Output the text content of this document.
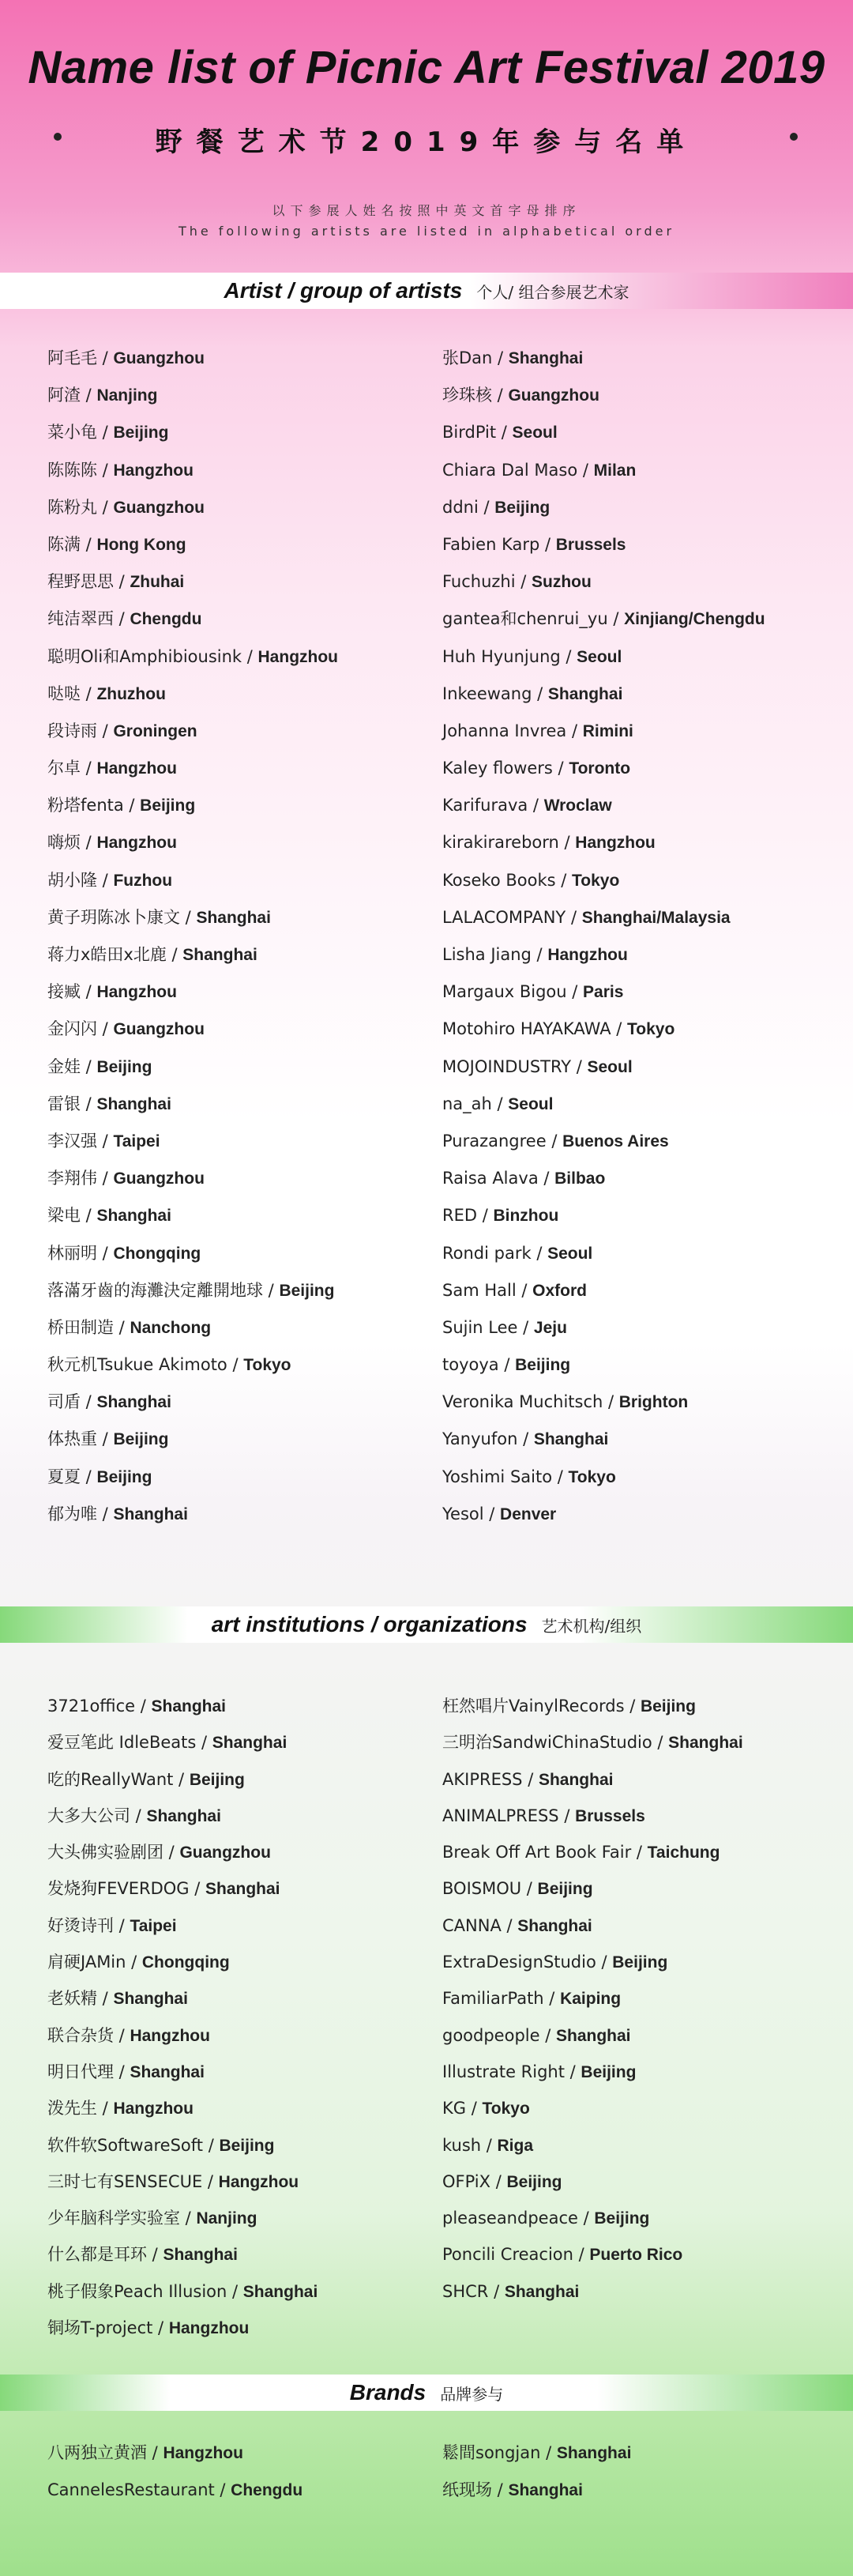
Name list of Picnic Art Festival 2019
野餐艺术节2019年参与名单
以下参展人姓名按照中英文首字母排序
The following artists are listed in alphabetical order
Artist / group of artists 个人/ 组合参展艺术家
阿毛毛 / Guangzhou
阿渣 / Nanjing
菜小龟 / Beijing
陈陈陈 / Hangzhou
陈粉丸 / Guangzhou
陈满 / Hong Kong
程野思思 / Zhuhai
纯洁翠西 / Chengdu
聪明Oli和Amphibiousink / Hangzhou
哒哒 / Zhuzhou
段诗雨 / Groningen
尔卓 / Hangzhou
粉塔fenta / Beijing
嗨烦 / Hangzhou
胡小隆 / Fuzhou
黄子玥陈冰卜康文 / Shanghai
蒋力x皓田x北鹿 / Shanghai
接臧 / Hangzhou
金闪闪 / Guangzhou
金娃 / Beijing
雷银 / Shanghai
李汉强 / Taipei
李翔伟 / Guangzhou
梁电 / Shanghai
林丽明 / Chongqing
落滿牙齒的海灘決定離開地球 / Beijing
桥田制造 / Nanchong
秋元机Tsukue Akimoto / Tokyo
司盾 / Shanghai
体热重 / Beijing
夏夏 / Beijing
郁为唯 / Shanghai
张Dan / Shanghai
珍珠核 / Guangzhou
BirdPit / Seoul
Chiara Dal Maso / Milan
ddni / Beijing
Fabien Karp / Brussels
Fuchuzhi / Suzhou
gantea和chenrui_yu / Xinjiang/Chengdu
Huh Hyunjung / Seoul
Inkeewang / Shanghai
Johanna Invrea / Rimini
Kaley flowers / Toronto
Karifurava / Wroclaw
kirakirareborn / Hangzhou
Koseko Books / Tokyo
LALACOMPANY / Shanghai/Malaysia
Lisha Jiang / Hangzhou
Margaux Bigou / Paris
Motohiro HAYAKAWA / Tokyo
MOJOINDUSTRY / Seoul
na_ah / Seoul
Purazangree / Buenos Aires
Raisa Alava / Bilbao
RED / Binzhou
Rondi park / Seoul
Sam Hall / Oxford
Sujin Lee / Jeju
toyoya / Beijing
Veronika Muchitsch / Brighton
Yanyufon / Shanghai
Yoshimi Saito / Tokyo
Yesol / Denver
art institutions / organizations 艺术机构/组织
3721office / Shanghai
爱豆笔此 IdleBeats / Shanghai
吃的ReallyWant / Beijing
大多大公司 / Shanghai
大头佛实验剧团 / Guangzhou
发烧狗FEVERDOG / Shanghai
好烫诗刊 / Taipei
肩硬JAMin / Chongqing
老妖精 / Shanghai
联合杂货 / Hangzhou
明日代理 / Shanghai
泼先生 / Hangzhou
软件软SoftwareSoft / Beijing
三时七有SENSECUE / Hangzhou
少年脑科学实验室 / Nanjing
什么都是耳环 / Shanghai
桃子假象Peach Illusion / Shanghai
铜场T-project / Hangzhou
枉然唱片VainylRecords / Beijing
三明治SandwiChinaStudio / Shanghai
AKIPRESS / Shanghai
ANIMALPRESS / Brussels
Break Off Art Book Fair / Taichung
BOISMOU / Beijing
CANNA / Shanghai
ExtraDesignStudio / Beijing
FamiliarPath / Kaiping
goodpeople / Shanghai
Illustrate Right / Beijing
KG / Tokyo
kush / Riga
OFPiX / Beijing
pleaseandpeace / Beijing
Poncili Creacion / Puerto Rico
SHCR / Shanghai
Brands 品牌参与
八两独立黄酒 / Hangzhou
CannelesRestaurant / Chengdu
鬆間songjan / Shanghai
纸现场 / Shanghai
